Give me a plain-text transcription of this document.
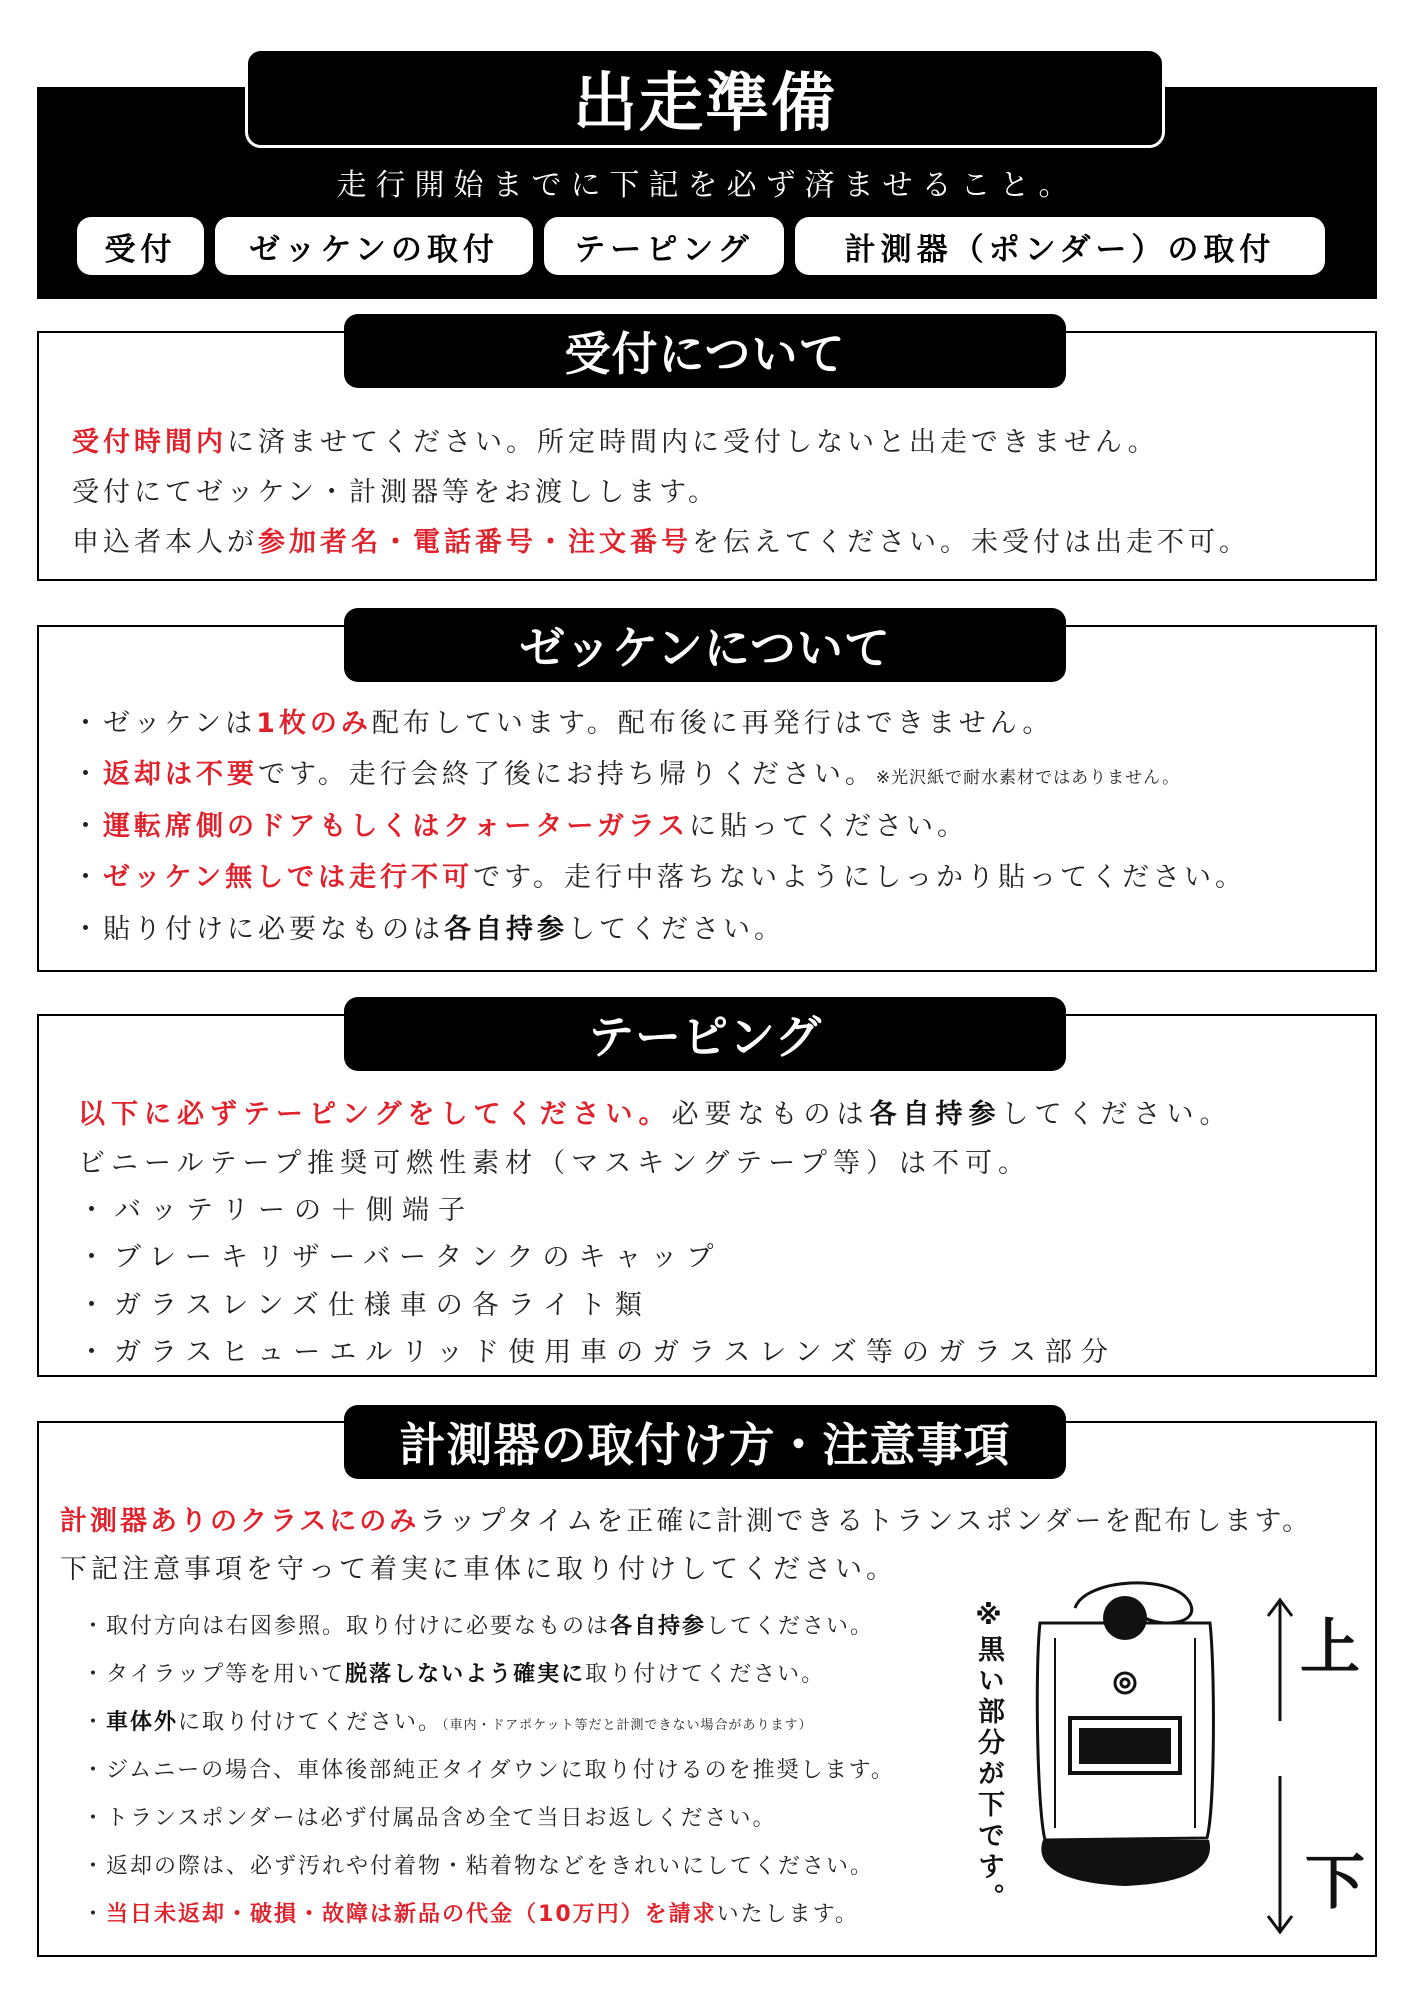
出走準備
走行開始までに下記を必ず済ませること。
受付	ゼッケンの取付	テーピング	計測器（ポンダー）の取付
受付について
受付時間内に済ませてください。所定時間内に受付しないと出走できません。
受付にてゼッケン・計測器等をお渡しします。
申込者本人が参加者名・電話番号・注文番号を伝えてください。未受付は出走不可。
ゼッケンについて
・ゼッケンは1枚のみ配布しています。配布後に再発行はできません。
・返却は不要です。走行会終了後にお持ち帰りください。※光沢紙で耐水素材ではありません。
・運転席側のドアもしくはクォーターガラスに貼ってください。
・ゼッケン無しでは走行不可です。走行中落ちないようにしっかり貼ってください。
・貼り付けに必要なものは各自持参してください。
テーピング
以下に必ずテーピングをしてください。必要なものは各自持参してください。
ビニールテープ推奨可燃性素材（マスキングテープ等）は不可。
・バッテリーの＋側端子
・ブレーキリザーバータンクのキャップ
・ガラスレンズ仕様車の各ライト類
・ガラスヒューエルリッド使用車のガラスレンズ等のガラス部分
計測器の取付け方・注意事項
計測器ありのクラスにのみラップタイムを正確に計測できるトランスポンダーを配布します。
下記注意事項を守って着実に車体に取り付けしてください。
・取付方向は右図参照。取り付けに必要なものは各自持参してください。
・タイラップ等を用いて脱落しないよう確実に取り付けてください。
・車体外に取り付けてください。（車内・ドアポケット等だと計測できない場合があります）
・ジムニーの場合、車体後部純正タイダウンに取り付けるのを推奨します。
・トランスポンダーは必ず付属品含め全て当日お返しください。
・返却の際は、必ず汚れや付着物・粘着物などをきれいにしてください。
・当日未返却・破損・故障は新品の代金（10万円）を請求いたします。
※黒い部分が下です。	上
下
